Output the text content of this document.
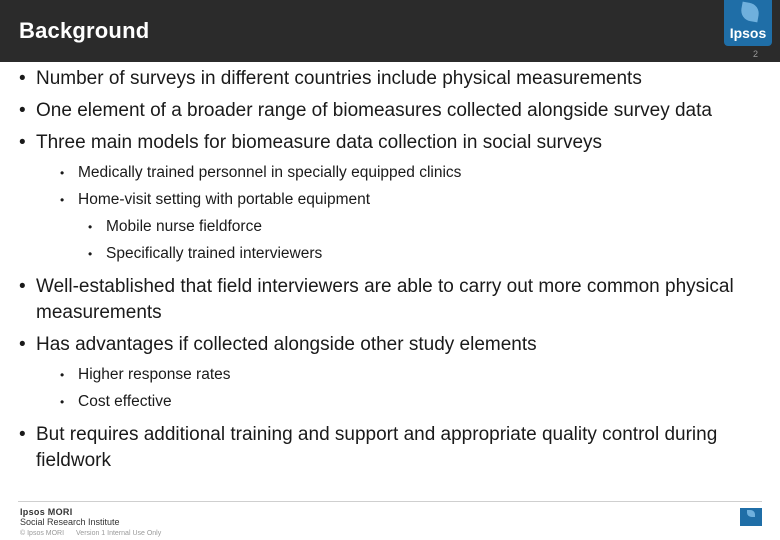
Background	Ipsos
2
• Number of surveys in different countries include physical measurements
• One element of a broader range of biomeasures collected alongside survey data
• Three main models for biomeasure data collection in social surveys
• Medically trained personnel in specially equipped clinics
• Home-visit setting with portable equipment
• Mobile nurse fieldforce
• Specifically trained interviewers
• Well-established that field interviewers are able to carry out more common physical measurements
• Has advantages if collected alongside other study elements
• Higher response rates
• Cost effective
• But requires additional training and support and appropriate quality control during fieldwork
Ipsos MORI
Social Research Institute
© Ipsos MORI Version 1 Internal Use Only
